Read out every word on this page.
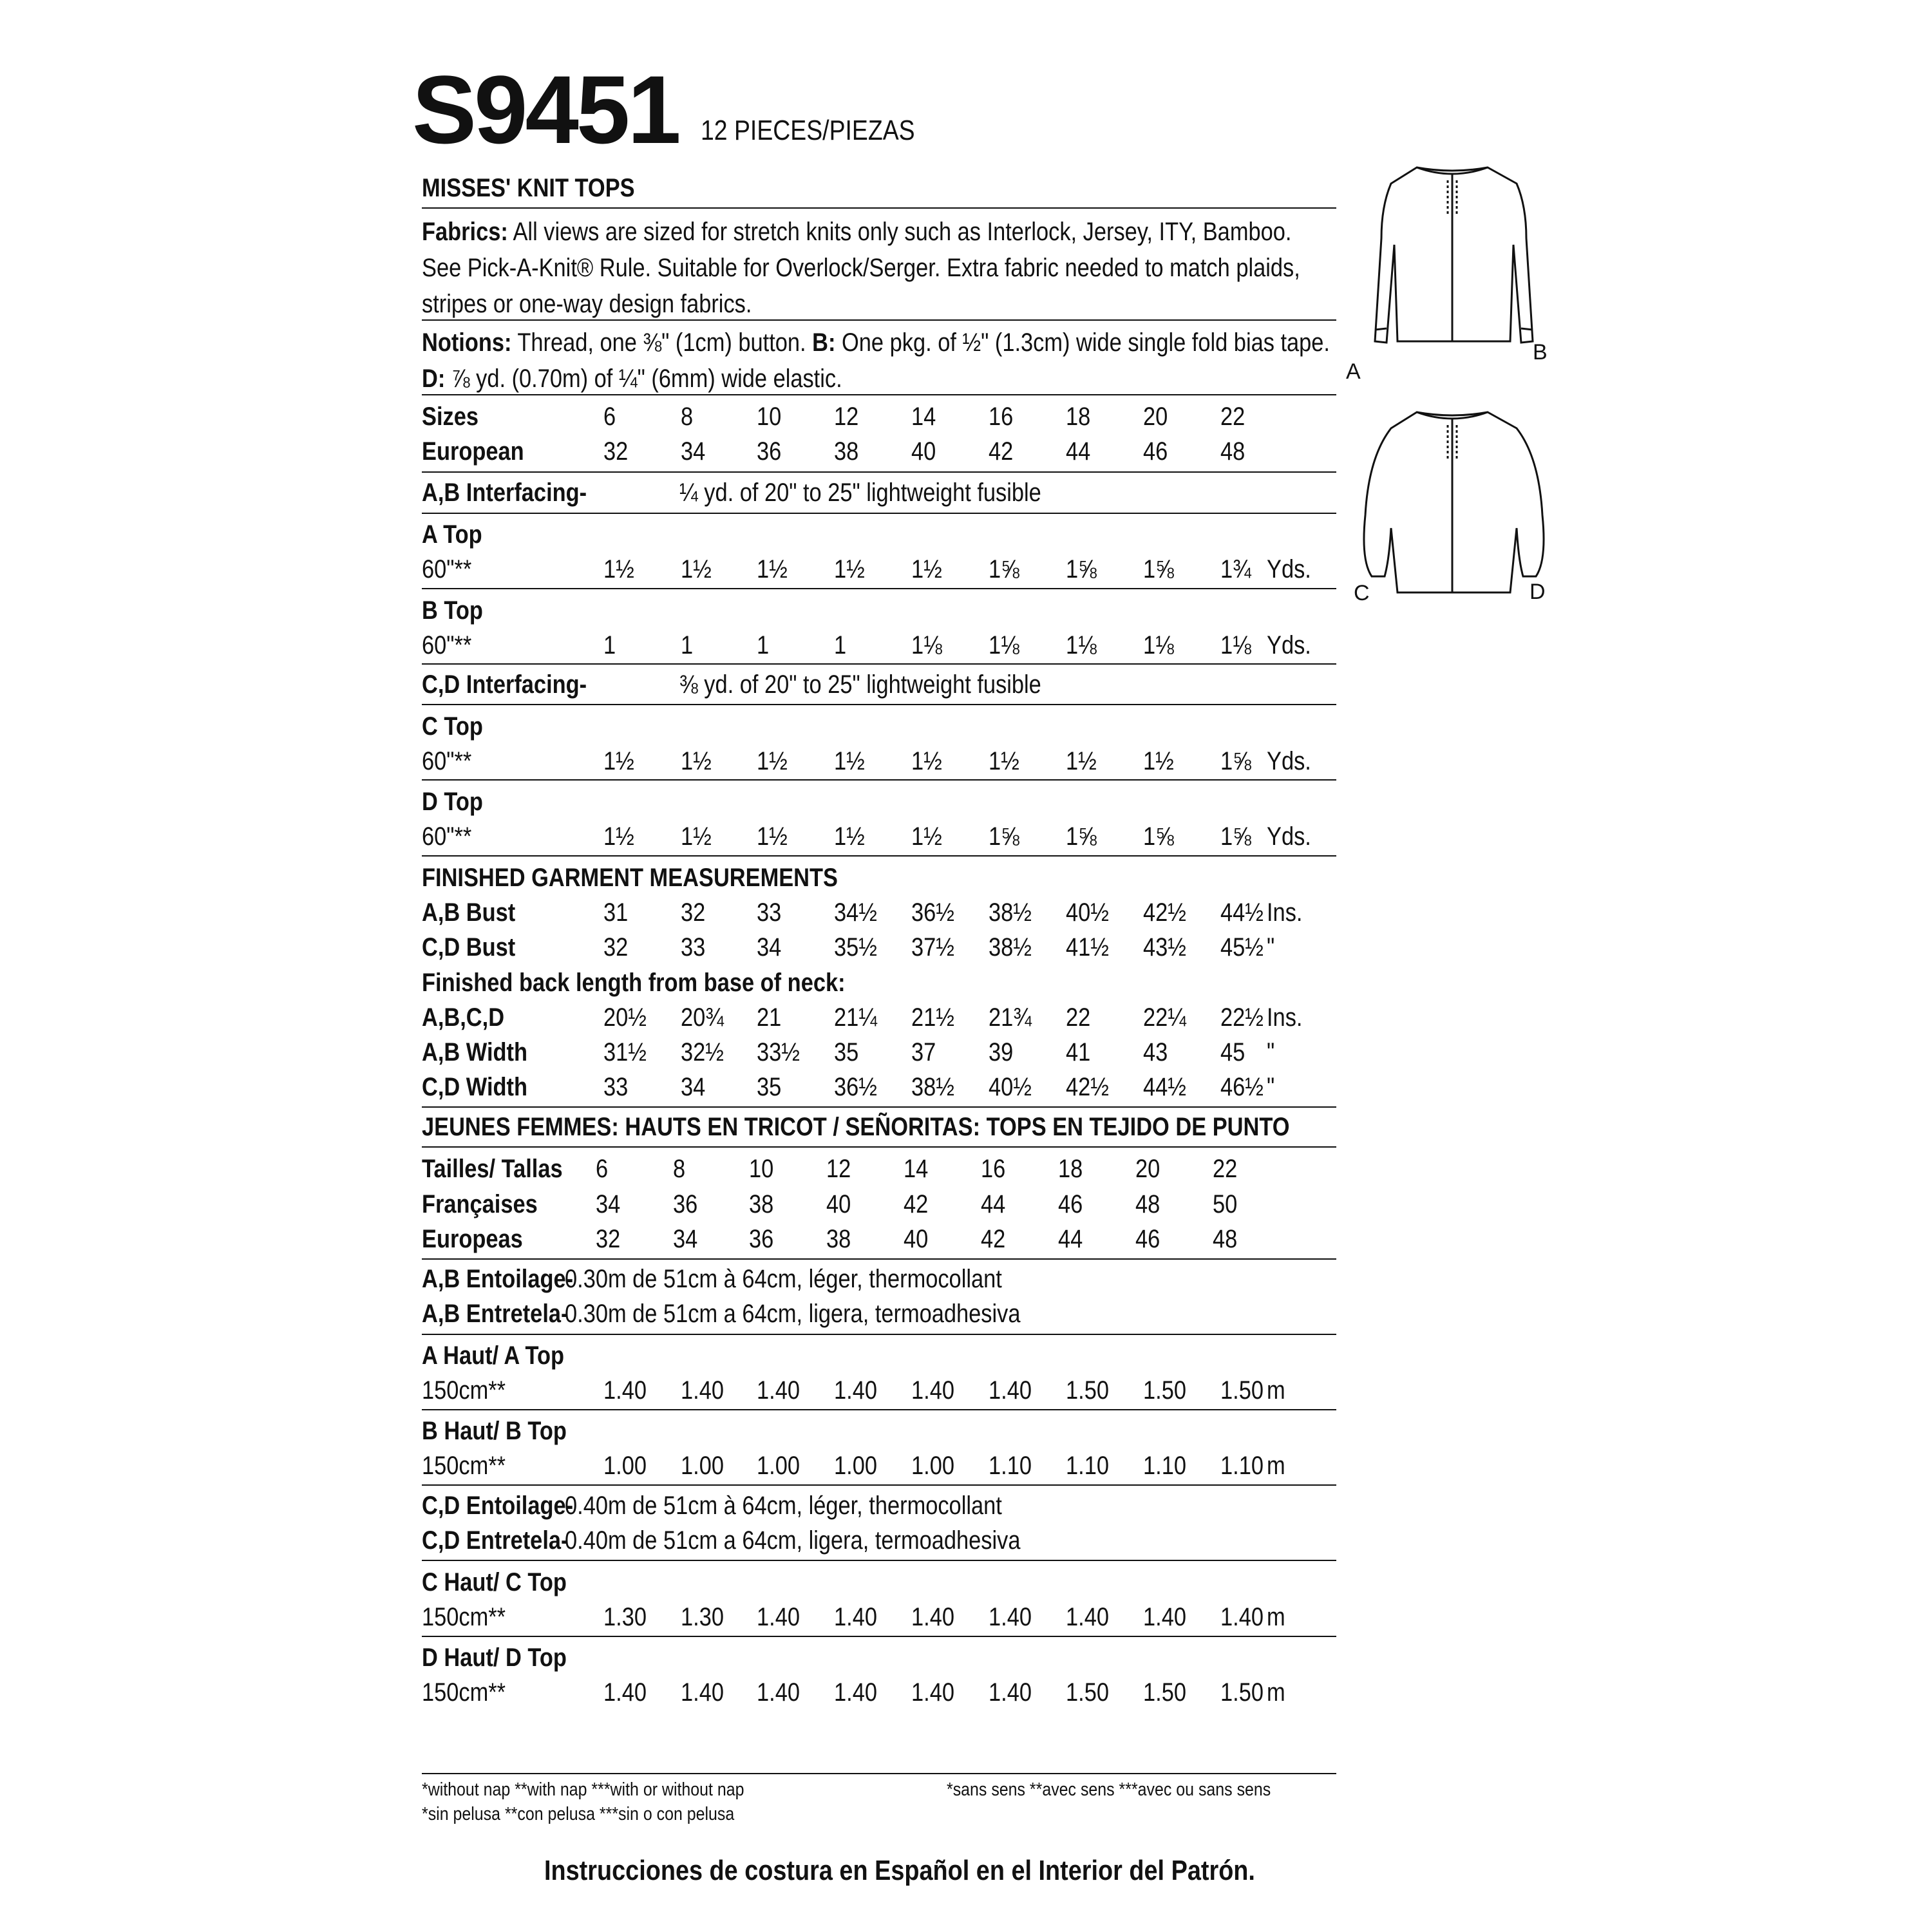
S9451 12 PIECES/PIEZAS
MISSES' KNIT TOPS
Fabrics: All views are sized for stretch knits only such as Interlock, Jersey, ITY, Bamboo. See Pick-A-Knit® Rule. Suitable for Overlock/Serger. Extra fabric needed to match plaids, stripes or one-way design fabrics.
Notions: Thread, one ⅜" (1cm) button. B: One pkg. of ½" (1.3cm) wide single fold bias tape. D: ⅞ yd. (0.70m) of ¼" (6mm) wide elastic.
Sizes	6	8 10 12 14 16 18 20 22
European	32 34 36 38 40 42 44 46 48
A,B Interfacing-	¼ yd. of 20" to 25" lightweight fusible
A Top
60"**	1½ 1½ 1½ 1½ 1½ 1⅝ 1⅝ 1⅝ 1¾ Yds.
B Top
60"**	1	1 1	1	1⅛ 1⅛ 1⅛ 1⅛ 1⅛ Yds.
C,D Interfacing-	⅜ yd. of 20" to 25" lightweight fusible
C Top
60"**	1½ 1½ 1½ 1½ 1½ 1½ 1½ 1½ 1⅝ Yds.
D Top
60"**	1½ 1½ 1½ 1½ 1½ 1⅝ 1⅝ 1⅝ 1⅝ Yds.
FINISHED GARMENT MEASUREMENTS
A,B Bust	31 32 33 34½ 36½ 38½ 40½ 42½ 44½ Ins.
C,D Bust	32 33 34 35½ 37½ 38½ 41½ 43½ 45½ "
Finished back length from base of neck:
A,B,C,D	20½ 20¾ 21 21¼ 21½ 21¾ 22 22¼ 22½ Ins.
A,B Width	31½ 32½ 33½ 35 37 39 41 43 45 "
C,D Width	33 34 35 36½ 38½ 40½ 42½ 44½ 46½ "
JEUNES FEMMES: HAUTS EN TRICOT / SEÑORITAS: TOPS EN TEJIDO DE PUNTO
Tailles/ Tallas 6	8 10 12 14 16 18 20 22
Françaises 34 36 38 40 42 44 46 48 50
Europeas	32 34 36 38 40 42 44 46 48
A,B Entoilage-
0.30m de 51cm à 64cm, léger, thermocollant
A,B Entretela-
0.30m de 51cm a 64cm, ligera, termoadhesiva
A Haut/ A Top
150cm**	1.40 1.40 1.40 1.40 1.40 1.40 1.50 1.50 1.50 m
B Haut/ B Top
150cm**	1.00 1.00 1.00 1.00 1.00 1.10 1.10 1.10 1.10 m
C,D Entoilage-
0.40m de 51cm à 64cm, léger, thermocollant
C,D Entretela-
0.40m de 51cm a 64cm, ligera, termoadhesiva
C Haut/ C Top
150cm**	1.30 1.30 1.40 1.40 1.40 1.40 1.40 1.40 1.40 m
D Haut/ D Top
150cm**	1.40 1.40 1.40 1.40 1.40 1.40 1.50 1.50 1.50 m
*without nap **with nap ***with or without nap	*sans sens **avec sens ***avec ou sans sens
*sin pelusa **con pelusa ***sin o con pelusa
Instrucciones de costura en Español en el Interior del Patrón.
A
B
C	D
